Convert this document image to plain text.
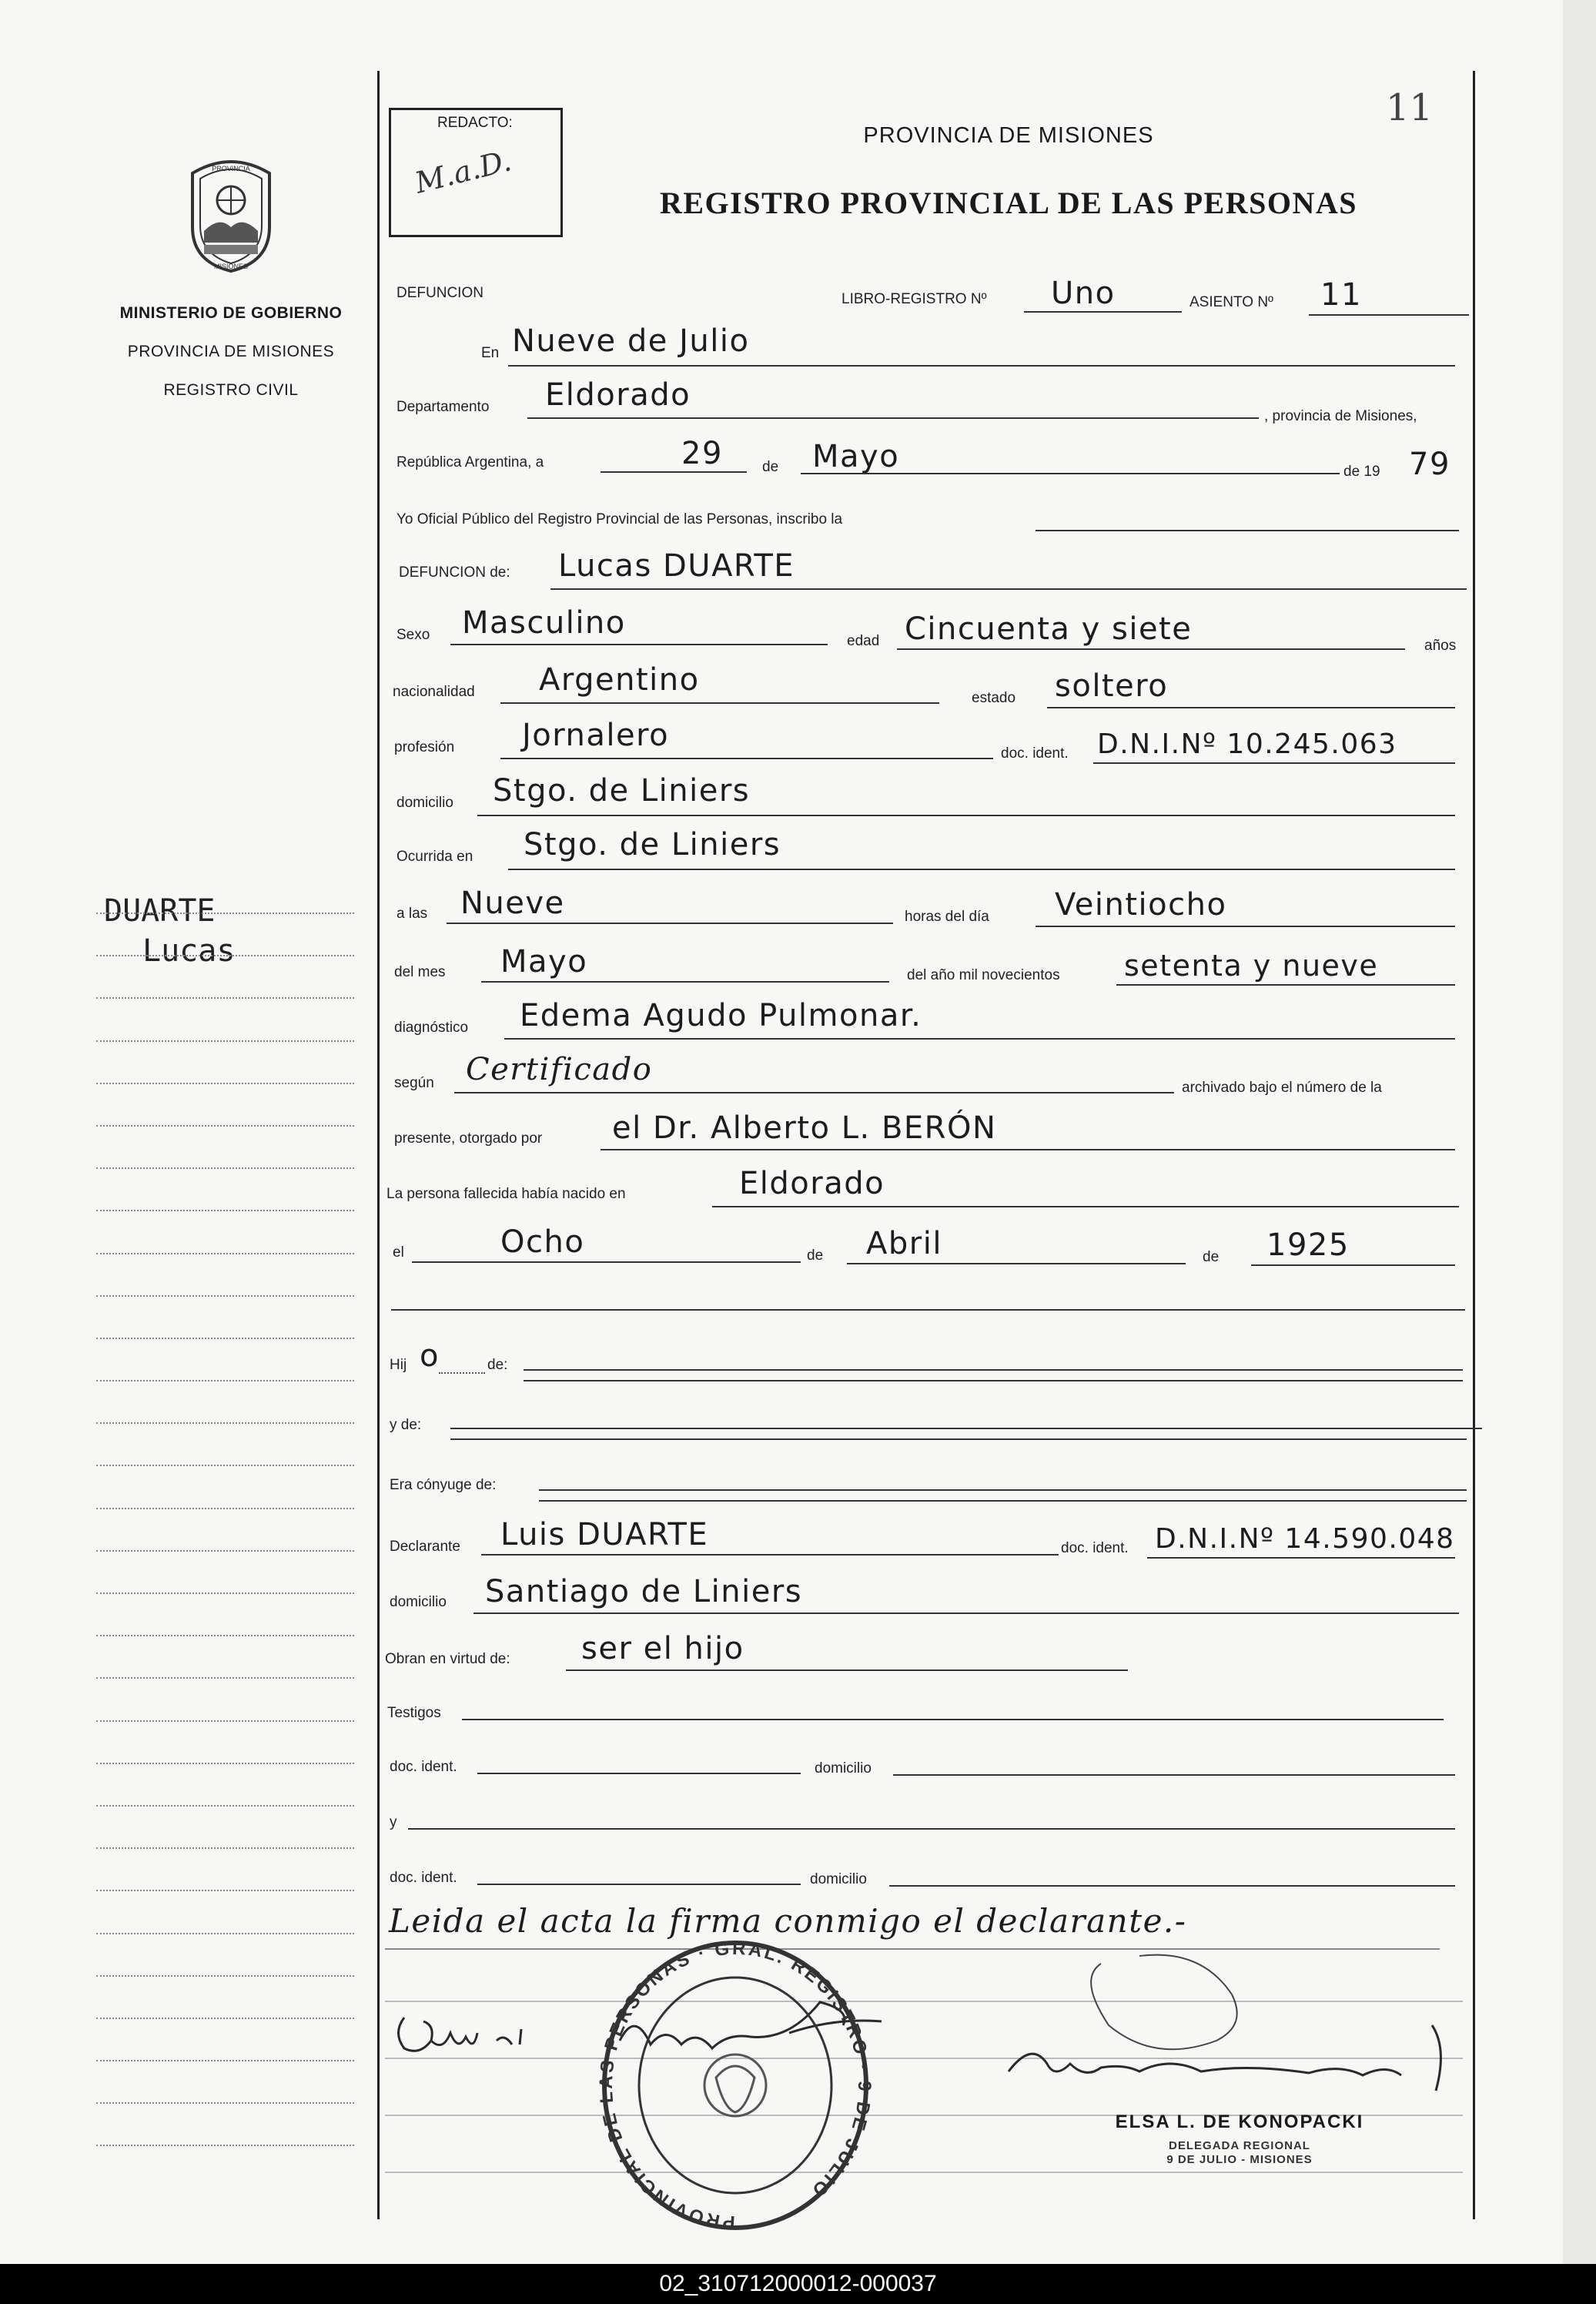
PROVINCIA
MISIONES
MINISTERIO DE GOBIERNO
PROVINCIA DE MISIONES
REGISTRO CIVIL
DUARTE
Lucas
REDACTO:
M.a.D.
11
PROVINCIA DE MISIONES
REGISTRO PROVINCIAL DE LAS PERSONAS
DEFUNCION	LIBRO-REGISTRO Nº Uno	ASIENTO Nº 11
En Nueve de Julio
Departamento Eldorado
, provincia de Misiones,
República Argentina, a	29	de Mayo	de 19 79
Yo Oficial Público del Registro Provincial de las Personas, inscribo la
DEFUNCION de: Lucas DUARTE
Sexo Masculino
edad Cincuenta y siete	años
nacionalidad Argentino
estado soltero
profesión Jornalero
doc. ident. D.N.I.Nº 10.245.063
domicilio Stgo. de Liniers
Ocurrida en Stgo. de Liniers
a las Nueve	horas del día Veintiocho
del mes Mayo	del año mil novecientos setenta y nueve
diagnóstico Edema Agudo Pulmonar.
según Certificado
archivado bajo el número de la
presente, otorgado por el Dr. Alberto L. BERÓN
La persona fallecida había nacido en	Eldorado
el	Ocho	de Abril	de 1925
Hij o	de:
y de:
Era cónyuge de:
Declarante Luis DUARTE	doc. ident. D.N.I.Nº 14.590.048
domicilio Santiago de Liniers
Obran en virtud de: ser el hijo
Testigos
doc. ident.	domicilio
y
doc. ident.	domicilio
Leida el acta la firma conmigo el declarante.-
PROVINCIAL DE LAS PERSONAS · GRAL. REGISTRO · 9 DE JULIO
ELSA L. DE KONOPACKI
DELEGADA REGIONAL
9 DE JULIO - MISIONES
02_310712000012-000037
